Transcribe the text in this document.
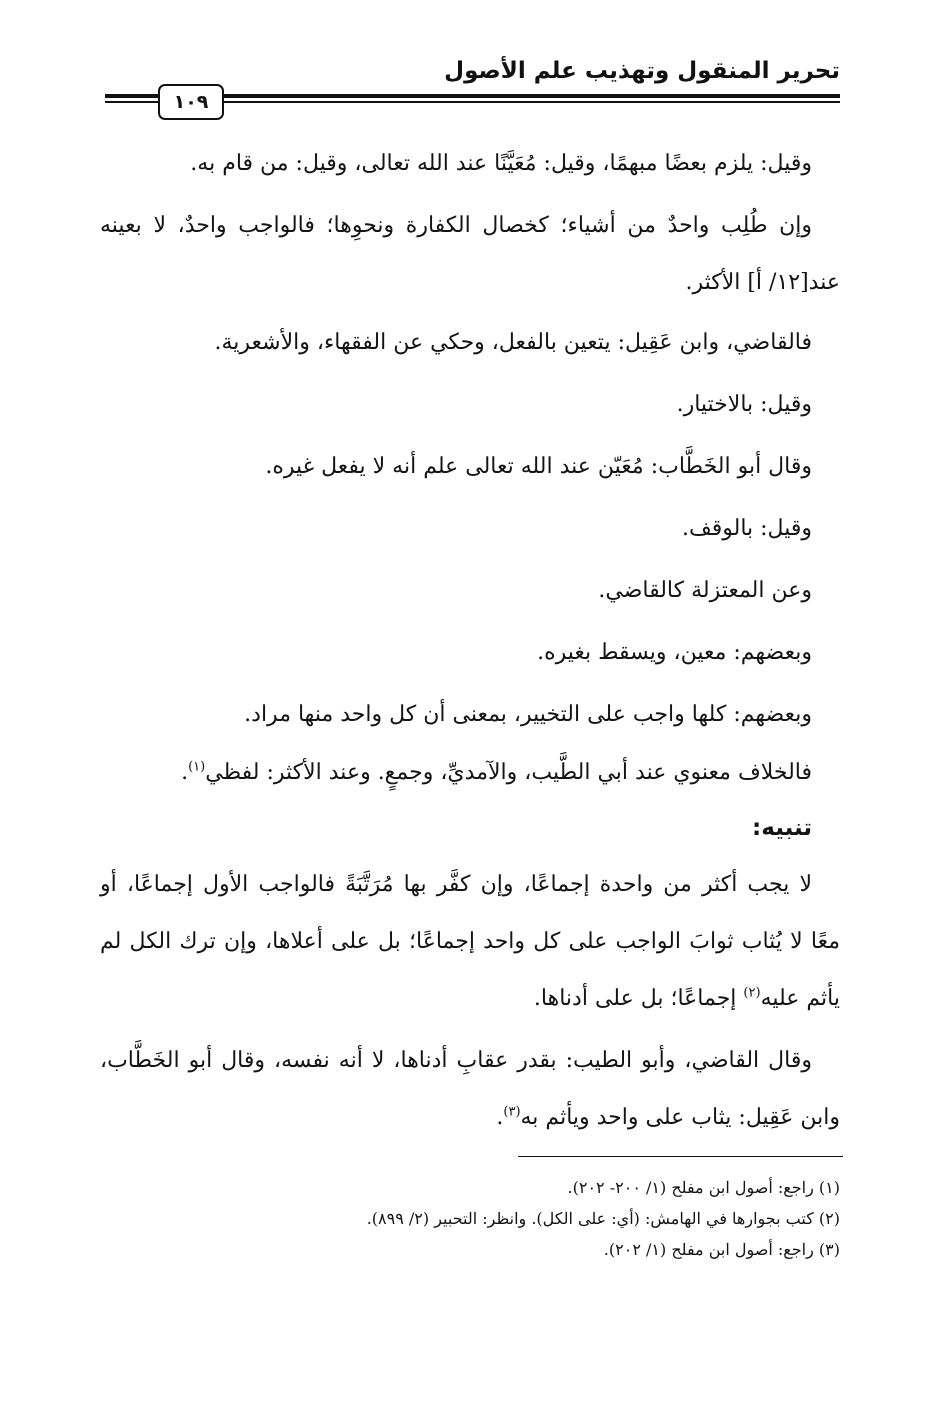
تحرير المنقول وتهذيب علم الأصول
١٠٩
وقيل: يلزم بعضًا مبهمًا، وقيل: مُعَيَّنًا عند الله تعالى، وقيل: من قام به.
وإن طُلِب واحدٌ من أشياء؛ كخصال الكفارة ونحوِها؛ فالواجب واحدٌ، لا بعينه
عند[١٢/ أ] الأكثر.
فالقاضي، وابن عَقِيل: يتعين بالفعل، وحكي عن الفقهاء، والأشعرية.
وقيل: بالاختيار.
وقال أبو الخَطَّاب: مُعَيّن عند الله تعالى علم أنه لا يفعل غيره.
وقيل: بالوقف.
وعن المعتزلة كالقاضي.
وبعضهم: معين، ويسقط بغيره.
وبعضهم: كلها واجب على التخيير، بمعنى أن كل واحد منها مراد.
فالخلاف معنوي عند أبي الطَّيب، والآمديِّ، وجمعٍ. وعند الأكثر: لفظي$^{(١)}$.
تنبيه:
لا يجب أكثر من واحدة إجماعًا، وإن كفَّر بها مُرَتَّبَةً فالواجب الأول إجماعًا، أو
معًا لا يُثاب ثوابَ الواجب على كل واحد إجماعًا؛ بل على أعلاها، وإن ترك الكل لم
يأثم عليه$^{(٢)}$ إجماعًا؛ بل على أدناها.
وقال القاضي، وأبو الطيب: بقدر عقابِ أدناها، لا أنه نفسه، وقال أبو الخَطَّاب،
وابن عَقِيل: يثاب على واحد ويأثم به$^{(٣)}$.
(١) راجع: أصول ابن مفلح (١/ ٢٠٠- ٢٠٢).
(٢) كتب بجوارها في الهامش: (أي: على الكل). وانظر: التحبير (٢/ ٨٩٩).
(٣) راجع: أصول ابن مفلح (١/ ٢٠٢).
